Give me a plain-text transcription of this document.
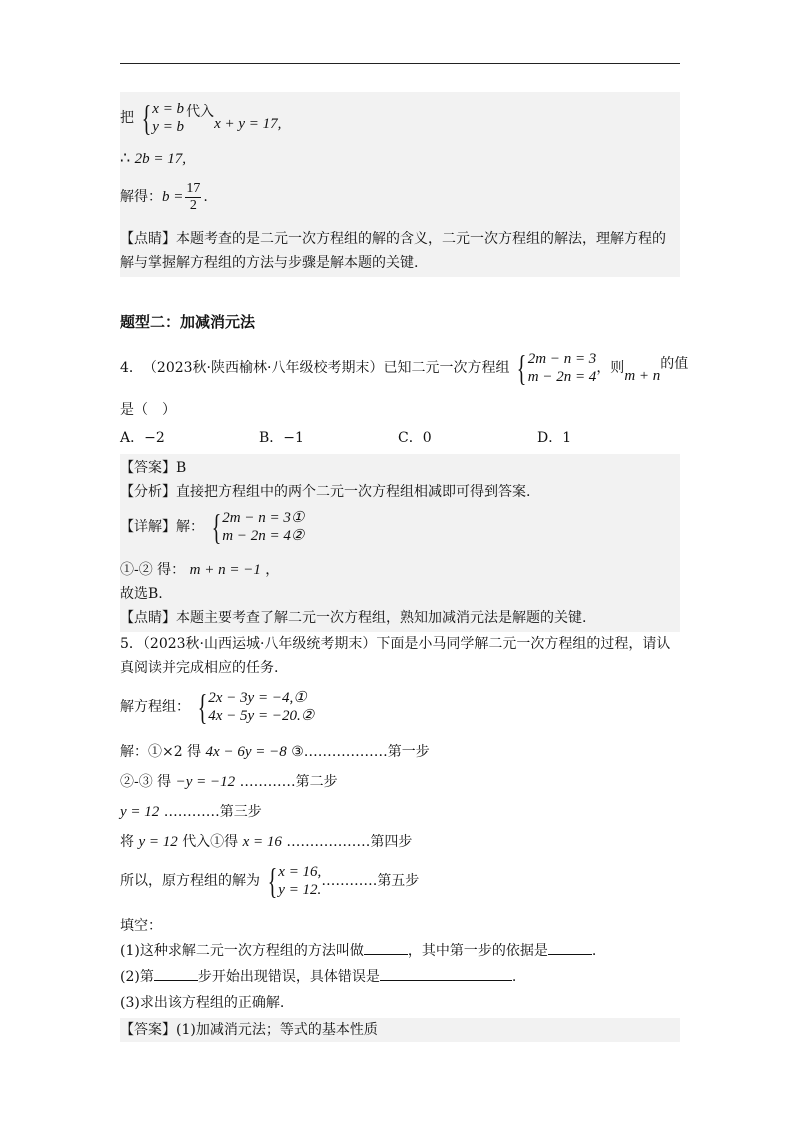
把 { x = b
y = b
代入
x + y = 17,
∴ 2b = 17,
解得： $b = \frac{17}{2}$ .
【点睛】本题考查的是二元一次方程组的解的含义，二元一次方程组的解法，理解方程的
解与掌握解方程组的方法与步骤是解本题的关键.
题型二：加减消元法
4． （2023秋·陕西榆林·八年级校考期末）已知二元一次方程组 { 2m − n = 3
m − 2n = 4
，则 m + n
的值
是（　）
A．−2	B．−1	C．0	D．1
【答案】B
【分析】直接把方程组中的两个二元一次方程组相减即可得到答案.
【详解】解： { 2m − n = 3①
m − 2n = 4②
①-② 得： m + n = −1 ，
故选B.
【点睛】本题主要考查了解二元一次方程组，熟知加减消元法是解题的关键.
5．（2023秋·山西运城·八年级统考期末）下面是小马同学解二元一次方程组的过程，请认
真阅读并完成相应的任务.
解方程组： { 2x − 3y = −4,①
4x − 5y = −20.②
解：①×2 得 4x − 6y = −8 ③………………第一步
②-③ 得 −y = −12 …………第二步
y = 12 …………第三步
将 y = 12 代入①得 x = 16 ………………第四步
所以，原方程组的解为 { x = 16,
y = 12.
…………第五步
填空：
(1)这种求解二元一次方程组的方法叫做	，其中第一步的依据是	.
(2)第	步开始出现错误，具体错误是	.
(3)求出该方程组的正确解.
【答案】(1)加减消元法；等式的基本性质
